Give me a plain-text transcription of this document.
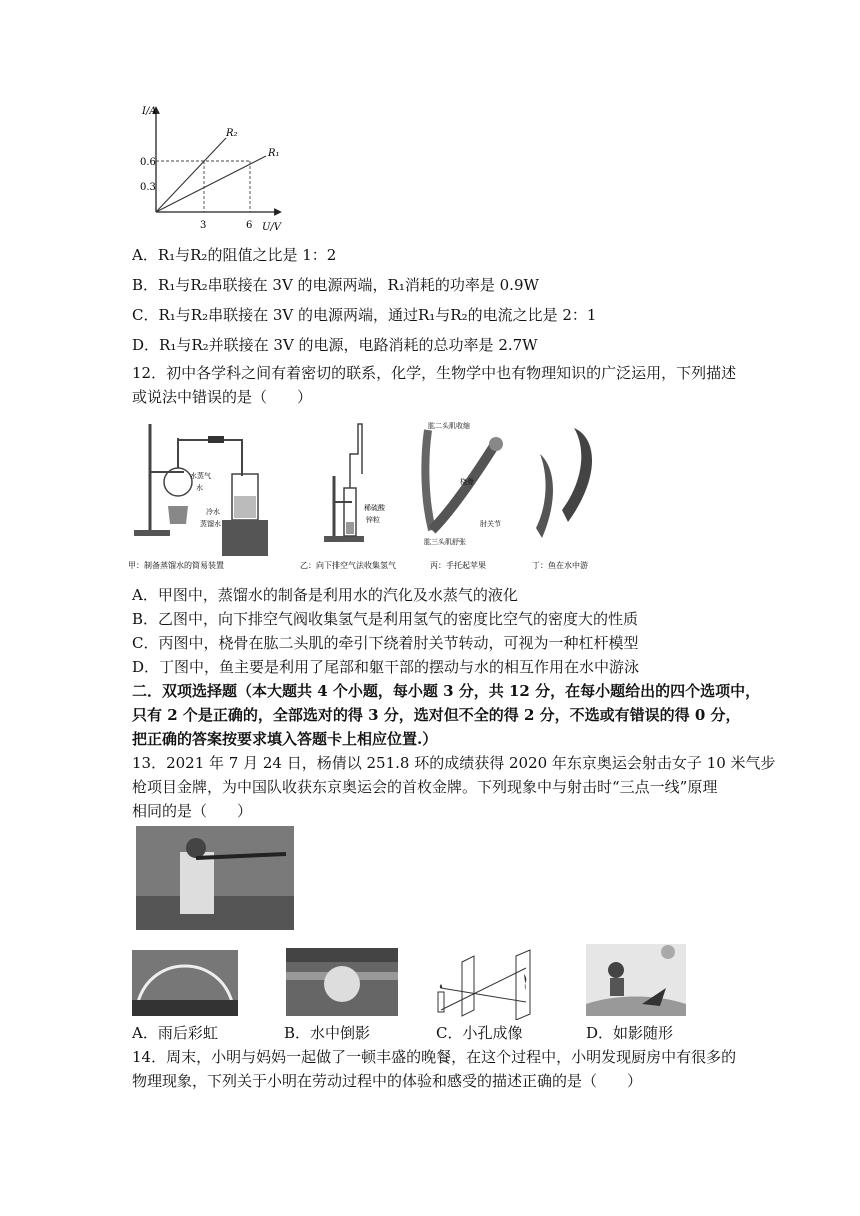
I/A
U/V
0.6
0.3
3	6
R₂
R₁
A．R₁与R₂的阻值之比是 1：2
B．R₁与R₂串联接在 3V 的电源两端，R₁消耗的功率是 0.9W
C．R₁与R₂串联接在 3V 的电源两端，通过R₁与R₂的电流之比是 2：1
D．R₁与R₂并联接在 3V 的电源，电路消耗的总功率是 2.7W
12．初中各学科之间有着密切的联系，化学，生物学中也有物理知识的广泛运用，下列描述
或说法中错误的是（　　）
水蒸气
水
冷水
蒸馏水
甲：制备蒸馏水的简易装置
稀硫酸
锌粒
乙：向下排空气法收集氢气
肱二头肌收缩
桡骨
肘关节
肱三头肌舒张
丙：手托起苹果	丁：鱼在水中游
A．甲图中，蒸馏水的制备是利用水的汽化及水蒸气的液化
B．乙图中，向下排空气阀收集氢气是利用氢气的密度比空气的密度大的性质
C．丙图中，桡骨在肱二头肌的牵引下绕着肘关节转动，可视为一种杠杆模型
D．丁图中，鱼主要是利用了尾部和躯干部的摆动与水的相互作用在水中游泳
二．双项选择题（本大题共 4 个小题，每小题 3 分，共 12 分，在每小题给出的四个选项中，
只有 2 个是正确的，全部选对的得 3 分，选对但不全的得 2 分，不选或有错误的得 0 分，
把正确的答案按要求填入答题卡上相应位置.）
13．2021 年 7 月 24 日，杨倩以 251.8 环的成绩获得 2020 年东京奥运会射击女子 10 米气步
枪项目金牌，为中国队收获东京奥运会的首枚金牌。下列现象中与射击时“三点一线”原理
相同的是（　　）
A．雨后彩虹	B．水中倒影	C．小孔成像	D．如影随形
14．周末，小明与妈妈一起做了一顿丰盛的晚餐，在这个过程中，小明发现厨房中有很多的
物理现象，下列关于小明在劳动过程中的体验和感受的描述正确的是（　　）
